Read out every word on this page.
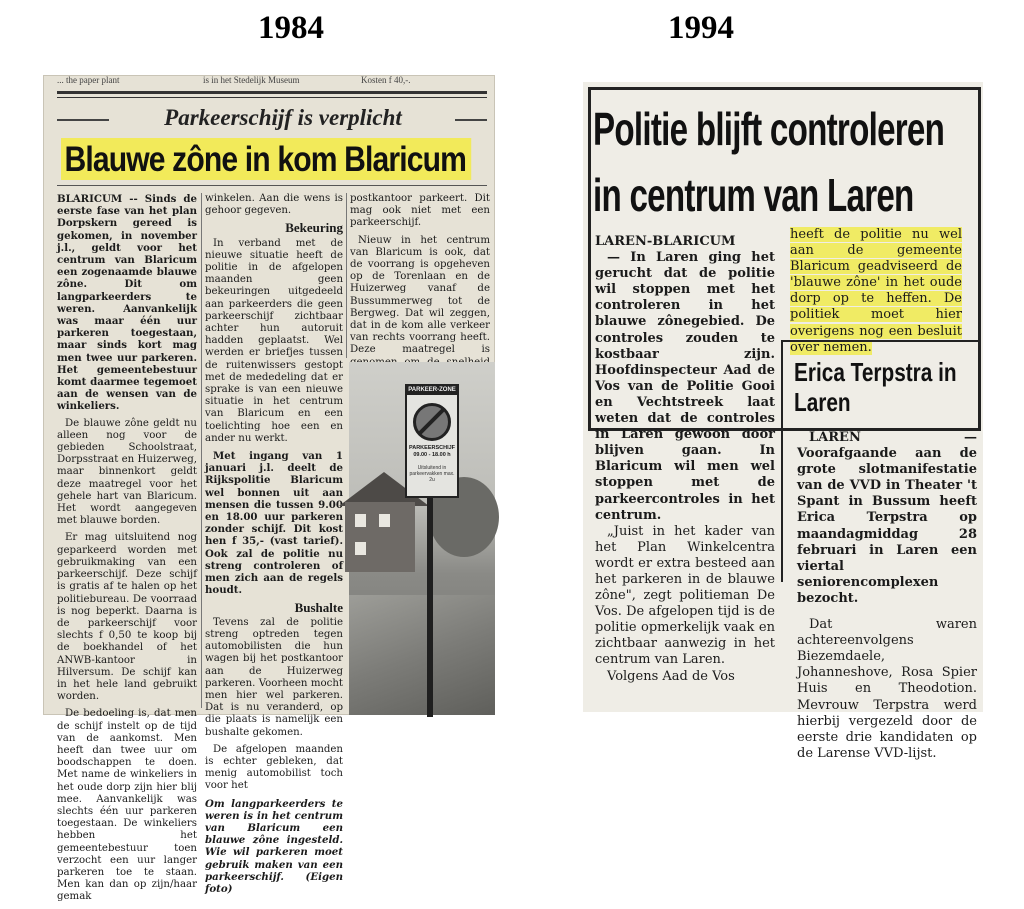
1984	1994
... the paper plant	is in het Stedelijk Museum	Kosten f 40,-.
Parkeerschijf is verplicht
Blauwe zône in kom Blaricum

BLARICUM -- Sinds de eerste fase van het plan Dorpskern gereed is gekomen, in november j.l., geldt voor het centrum van Blaricum een zogenaamde blauwe zône. Dit om langparkeerders te weren. Aanvankelijk was maar één uur parkeren toegestaan, maar sinds kort mag men twee uur parkeren. Het gemeentebestuur komt daarmee tegemoet aan de wensen van de winkeliers.

De blauwe zône geldt nu alleen nog voor de gebieden Schoolstraat, Dorpsstraat en Huizerweg, maar binnenkort geldt deze maatregel voor het gehele hart van Blaricum. Het wordt aangegeven met blauwe borden.

Er mag uitsluitend nog geparkeerd worden met gebruikmaking van een parkeerschijf. Deze schijf is gratis af te halen op het politiebureau. De voorraad is nog beperkt. Daarna is de parkeerschijf voor slechts f 0,50 te koop bij de boekhandel of het ANWB-kantoor in Hilversum. De schijf kan in het hele land gebruikt worden.

De bedoeling is, dat men de schijf instelt op de tijd van de aankomst. Men heeft dan twee uur om boodschappen te doen. Met name de winkeliers in het oude dorp zijn hier blij mee. Aanvankelijk was slechts één uur parkeren toegestaan. De winkeliers hebben het gemeentebestuur toen verzocht een uur langer parkeren toe te staan. Men kan dan op zijn/haar gemak

winkelen. Aan die wens is gehoor gegeven.

Bekeuring

In verband met de nieuwe situatie heeft de politie in de afgelopen maanden geen bekeuringen uitgedeeld aan parkeerders die geen parkeerschijf zichtbaar achter hun autoruit hadden geplaatst. Wel werden er briefjes tussen de ruitenwissers gestopt met de mededeling dat er sprake is van een nieuwe situatie in het centrum van Blaricum en een toelichting hoe een en ander nu werkt.

Met ingang van 1 januari j.l. deelt de Rijkspolitie Blaricum wel bonnen uit aan mensen die tussen 9.00 en 18.00 uur parkeren zonder schijf. Dit kost hen f 35,- (vast tarief). Ook zal de politie nu streng controleren of men zich aan de regels houdt.

Bushalte

Tevens zal de politie streng optreden tegen automobilisten die hun wagen bij het postkantoor aan de Huizerweg parkeren. Voorheen mocht men hier wel parkeren. Dat is nu veranderd, op die plaats is namelijk een bushalte gekomen.

De afgelopen maanden is echter gebleken, dat menig automobilist toch voor het

Om langparkeerders te weren is in het centrum van Blaricum een blauwe zône ingesteld. Wie wil parkeren moet gebruik maken van een parkeerschijf. (Eigen foto)

postkantoor parkeert. Dit mag ook niet met een parkeerschijf.

Nieuw in het centrum van Blaricum is ook, dat de voorrang is opgeheven op de Torenlaan en de Huizerweg vanaf de Bussummerweg tot de Bergweg. Dat wil zeggen, dat in de kom alle verkeer van rechts voorrang heeft. Deze maatregel is

PARKEER-ZONE
PARKEERSCHIJF
09.00 - 18.00 h
Uitsluitend in parkeervakken max. 2u
Politie blijft controleren
in centrum van Laren

LAREN-BLARICUM

— In Laren ging het gerucht dat de politie wil stoppen met het controleren in het blauwe zônegebied. De controles zouden te kostbaar zijn. Hoofdinspecteur Aad de Vos van de Politie Gooi en Vechtstreek laat weten dat de controles in Laren gewoon door blijven gaan. In Blaricum wil men wel stoppen met de parkeercontroles in het centrum.

„Juist in het kader van het Plan Winkelcentra wordt er extra besteed aan het parkeren in de blauwe zône", zegt politieman De Vos. De afgelopen tijd is de politie opmerkelijk vaak en zichtbaar aanwezig in het centrum van Laren.

Volgens Aad de Vos

heeft de politie nu wel aan de gemeente Blaricum geadviseerd de 'blauwe zône' in het oude dorp op te heffen. De politiek moet hier overigens nog een besluit over nemen.

Erica Terpstra in Laren

LAREN — Voorafgaande aan de grote slotmanifestatie van de VVD in Theater 't Spant in Bussum heeft Erica Terpstra op maandagmiddag 28 februari in Laren een viertal seniorencomplexen bezocht.

Dat waren achtereenvolgens Biezemdaele, Johanneshove, Rosa Spier Huis en Theodotion. Mevrouw Terpstra werd hierbij vergezeld door de eerste drie kandidaten op de Larense VVD-lijst.
